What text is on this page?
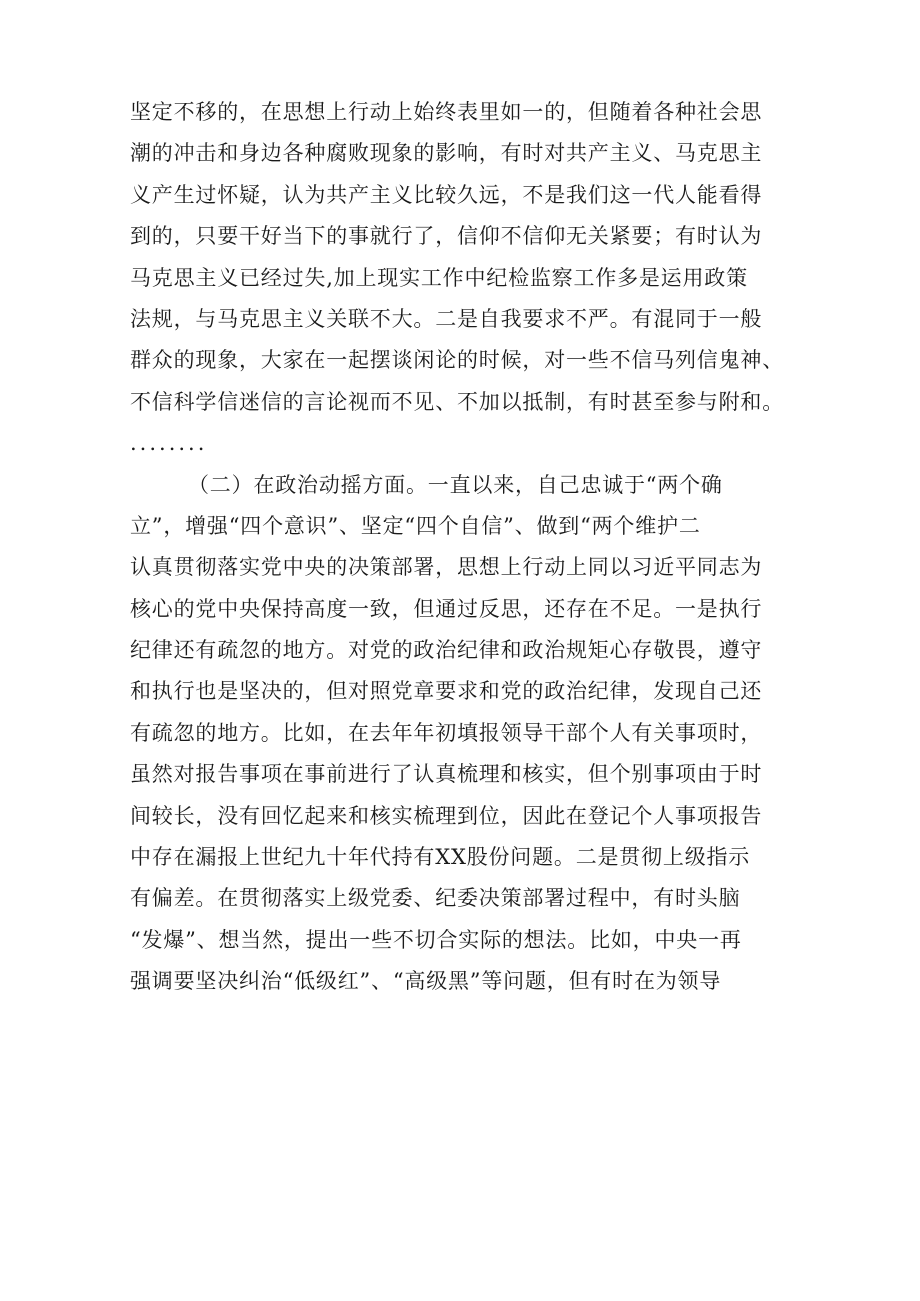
坚定不移的，在思想上行动上始终表里如一的，但随着各种社会思
潮的冲击和身边各种腐败现象的影响，有时对共产主义、马克思主
义产生过怀疑，认为共产主义比较久远，不是我们这一代人能看得
到的，只要干好当下的事就行了，信仰不信仰无关紧要；有时认为
马克思主义已经过失,加上现实工作中纪检监察工作多是运用政策
法规，与马克思主义关联不大。二是自我要求不严。有混同于一般
群众的现象，大家在一起摆谈闲论的时候，对一些不信马列信鬼神、
不信科学信迷信的言论视而不见、不加以抵制，有时甚至参与附和。
........
（二）在政治动摇方面。一直以来，自己忠诚于“两个确
立”，增强“四个意识”、坚定“四个自信”、做到“两个维护二
认真贯彻落实党中央的决策部署，思想上行动上同以习近平同志为
核心的党中央保持高度一致，但通过反思，还存在不足。一是执行
纪律还有疏忽的地方。对党的政治纪律和政治规矩心存敬畏，遵守
和执行也是坚决的，但对照党章要求和党的政治纪律，发现自己还
有疏忽的地方。比如，在去年年初填报领导干部个人有关事项时，
虽然对报告事项在事前进行了认真梳理和核实，但个别事项由于时
间较长，没有回忆起来和核实梳理到位，因此在登记个人事项报告
中存在漏报上世纪九十年代持有XX股份问题。二是贯彻上级指示
有偏差。在贯彻落实上级党委、纪委决策部署过程中，有时头脑
“发爆”、想当然，提出一些不切合实际的想法。比如，中央一再
强调要坚决纠治“低级红”、“高级黑”等问题，但有时在为领导
